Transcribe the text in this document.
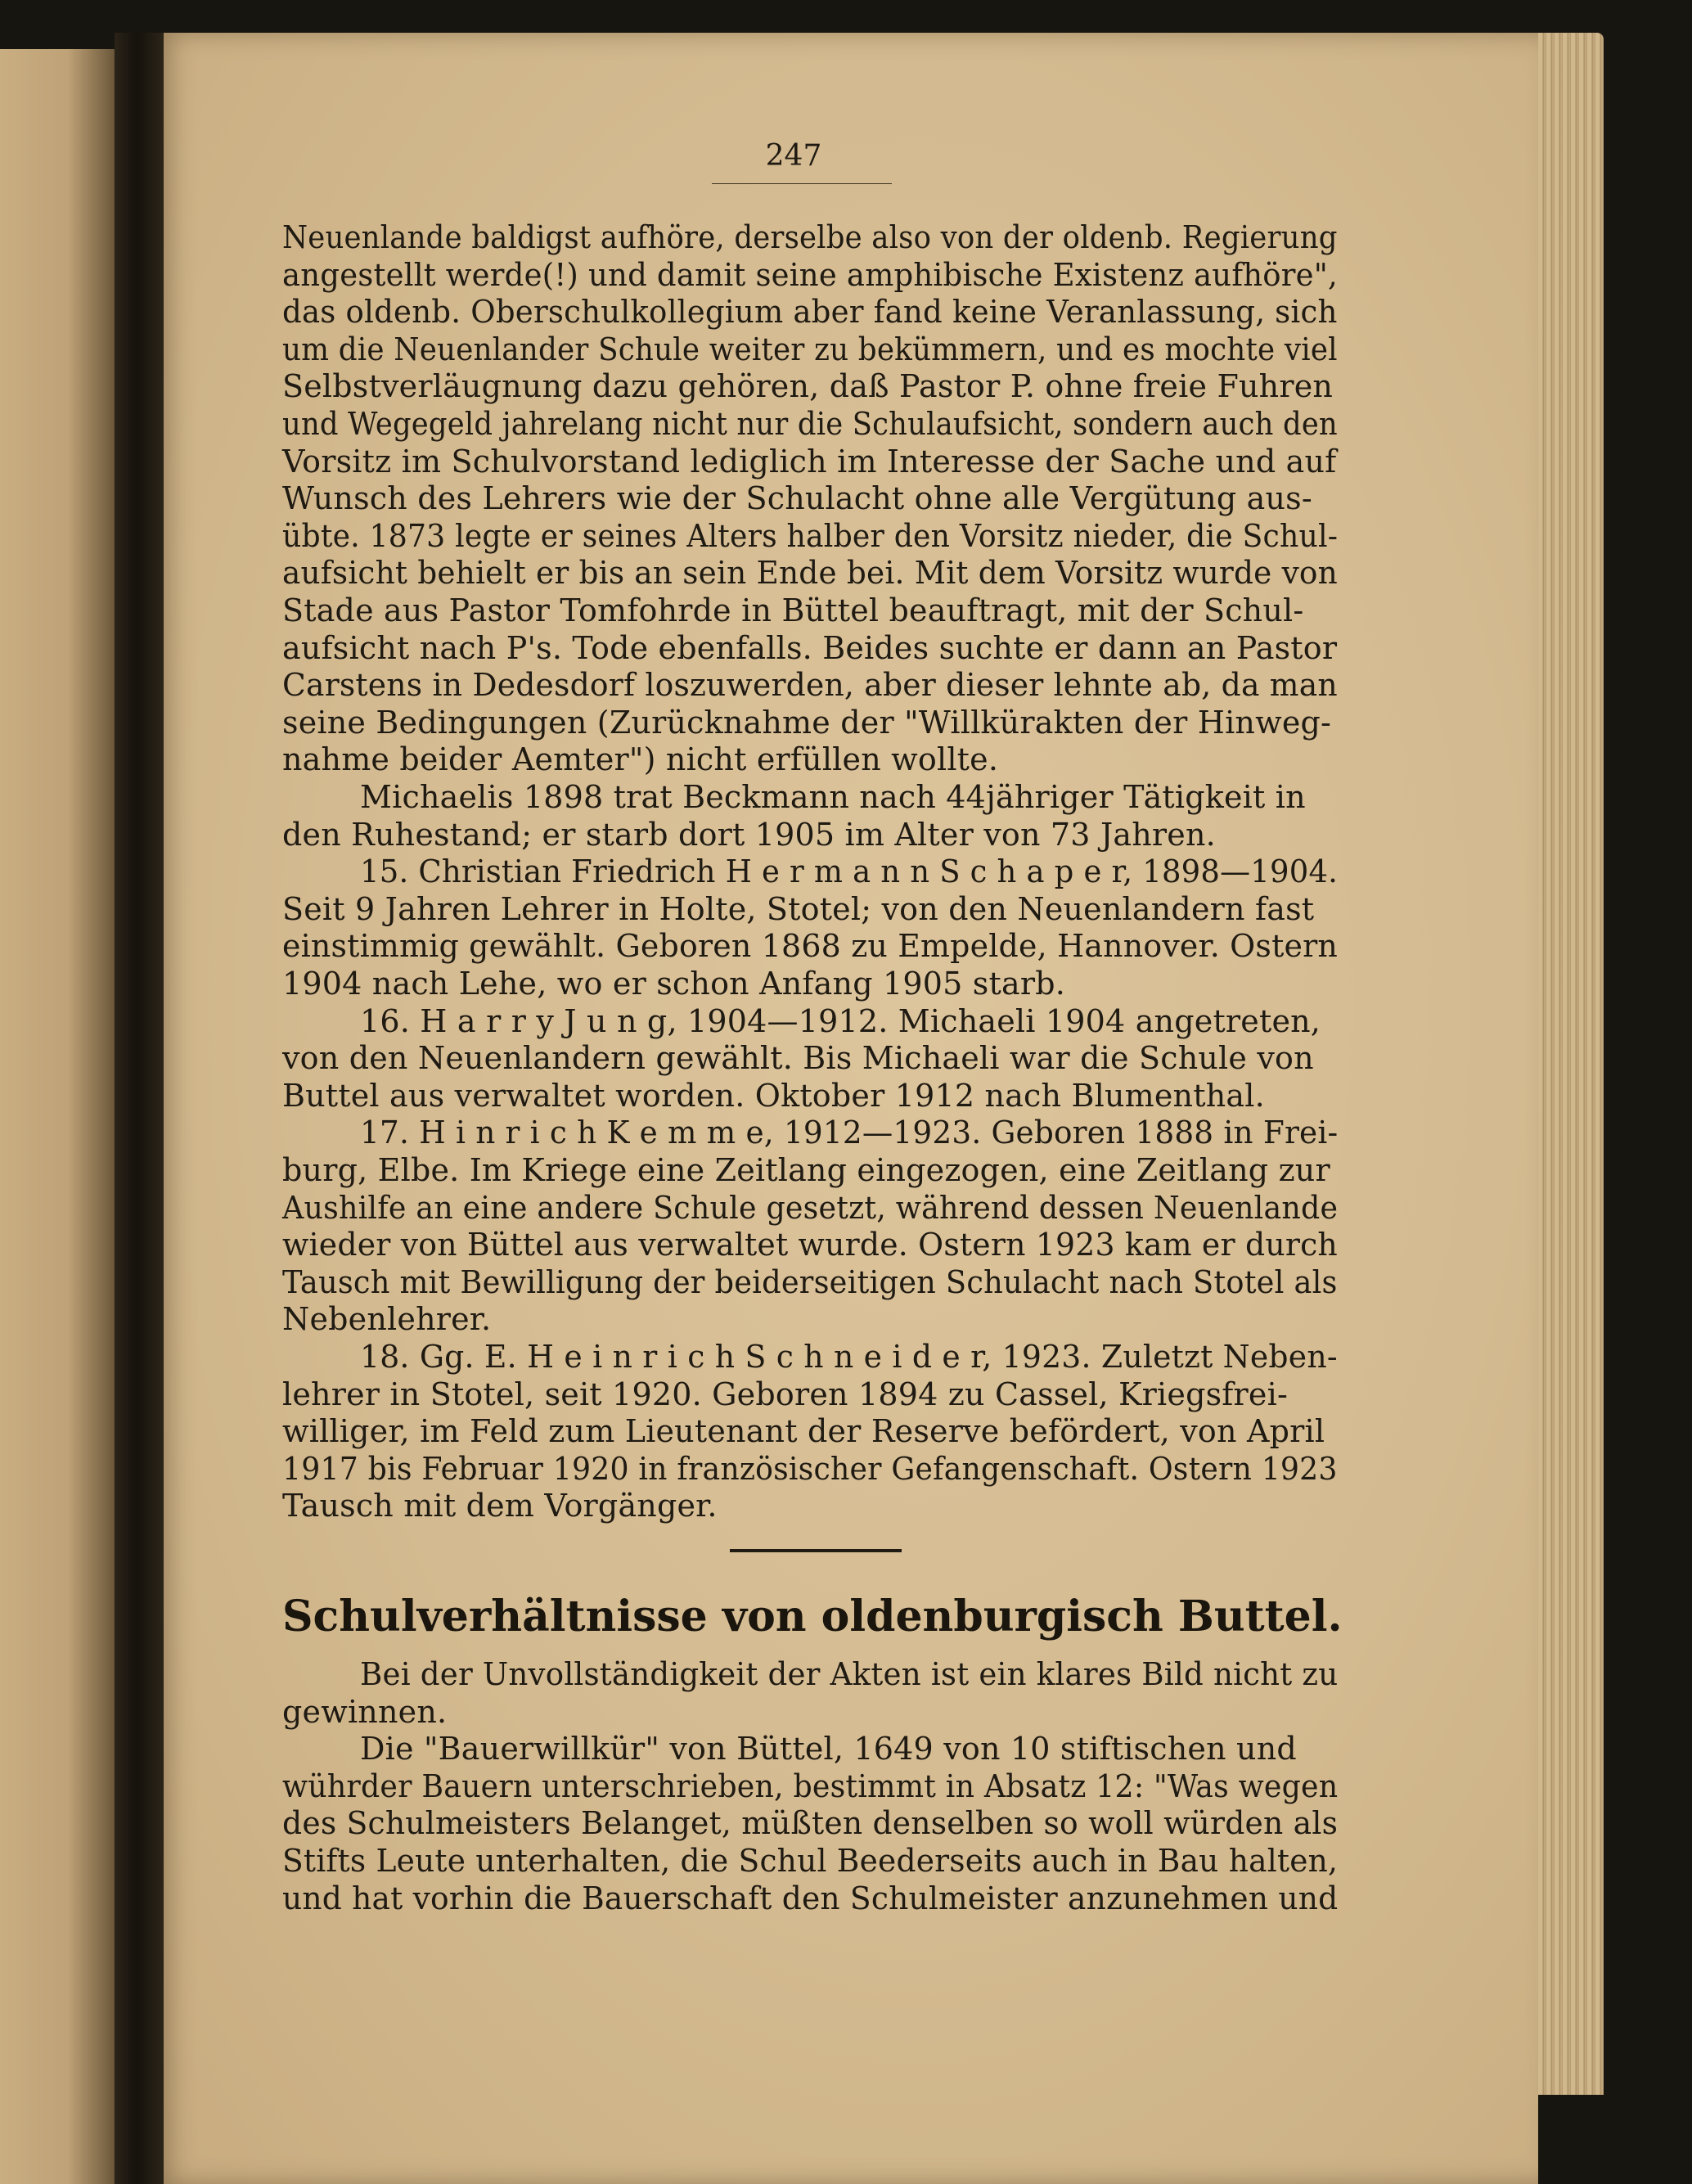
247
Neuenlande baldigst aufhöre, derselbe also von der oldenb. Regierung
angestellt werde(!) und damit seine amphibische Existenz aufhöre",
das oldenb. Oberschulkollegium aber fand keine Veranlassung, sich
um die Neuenlander Schule weiter zu bekümmern, und es mochte viel
Selbstverläugnung dazu gehören, daß Pastor P. ohne freie Fuhren
und Wegegeld jahrelang nicht nur die Schulaufsicht, sondern auch den
Vorsitz im Schulvorstand lediglich im Interesse der Sache und auf
Wunsch des Lehrers wie der Schulacht ohne alle Vergütung aus-
übte. 1873 legte er seines Alters halber den Vorsitz nieder, die Schul-
aufsicht behielt er bis an sein Ende bei. Mit dem Vorsitz wurde von
Stade aus Pastor Tomfohrde in Büttel beauftragt, mit der Schul-
aufsicht nach P's. Tode ebenfalls. Beides suchte er dann an Pastor
Carstens in Dedesdorf loszuwerden, aber dieser lehnte ab, da man
seine Bedingungen (Zurücknahme der "Willkürakten der Hinweg-
nahme beider Aemter") nicht erfüllen wollte.
Michaelis 1898 trat Beckmann nach 44jähriger Tätigkeit in
den Ruhestand; er starb dort 1905 im Alter von 73 Jahren.
15. Christian Friedrich H e r m a n n S c h a p e r, 1898—1904.
Seit 9 Jahren Lehrer in Holte, Stotel; von den Neuenlandern fast
einstimmig gewählt. Geboren 1868 zu Empelde, Hannover. Ostern
1904 nach Lehe, wo er schon Anfang 1905 starb.
16. H a r r y J u n g, 1904—1912. Michaeli 1904 angetreten,
von den Neuenlandern gewählt. Bis Michaeli war die Schule von
Buttel aus verwaltet worden. Oktober 1912 nach Blumenthal.
17. H i n r i c h K e m m e, 1912—1923. Geboren 1888 in Frei-
burg, Elbe. Im Kriege eine Zeitlang eingezogen, eine Zeitlang zur
Aushilfe an eine andere Schule gesetzt, während dessen Neuenlande
wieder von Büttel aus verwaltet wurde. Ostern 1923 kam er durch
Tausch mit Bewilligung der beiderseitigen Schulacht nach Stotel als
Nebenlehrer.
18. Gg. E. H e i n r i c h S c h n e i d e r, 1923. Zuletzt Neben-
lehrer in Stotel, seit 1920. Geboren 1894 zu Cassel, Kriegsfrei-
williger, im Feld zum Lieutenant der Reserve befördert, von April
1917 bis Februar 1920 in französischer Gefangenschaft. Ostern 1923
Tausch mit dem Vorgänger.
Schulverhältnisse von oldenburgisch Buttel.
Bei der Unvollständigkeit der Akten ist ein klares Bild nicht zu
gewinnen.
Die "Bauerwillkür" von Büttel, 1649 von 10 stiftischen und
wührder Bauern unterschrieben, bestimmt in Absatz 12: "Was wegen
des Schulmeisters Belanget, müßten denselben so woll würden als
Stifts Leute unterhalten, die Schul Beederseits auch in Bau halten,
und hat vorhin die Bauerschaft den Schulmeister anzunehmen und
